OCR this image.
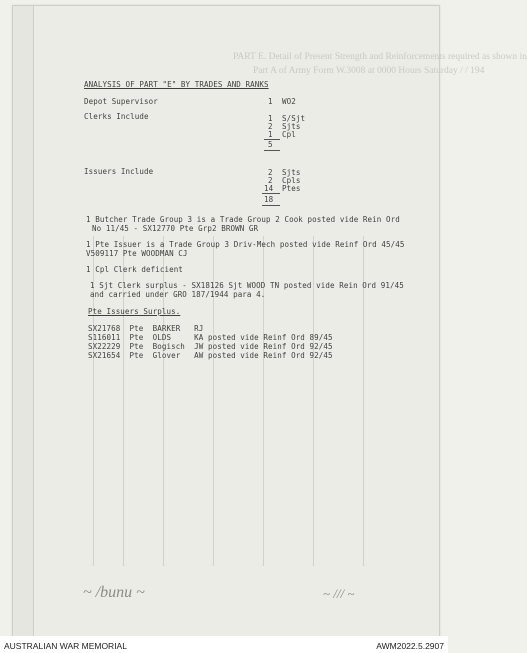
PART E. Detail of Present Strength and Reinforcements required as shown in
Part A of Army Form W.3008 at 0000 Hours Saturday / / 194
~ /bunu ~	~ /// ~
ANALYSIS OF PART "E" BY TRADES AND RANKS
Depot Supervisor	1 WO2
Clerks Include	1 S/Sjt
2 Sjts
1 Cpl
5
Issuers Include	2 Sjts
2 Cpls
14 Ptes
18
1 Butcher Trade Group 3 is a Trade Group 2 Cook posted vide Rein Ord
No 11/45 - SX12770 Pte Grp2 BROWN GR
1 Pte Issuer is a Trade Group 3 Driv-Mech posted vide Reinf Ord 45/45
V509117 Pte WOODMAN CJ
1 Cpl Clerk deficient
1 Sjt Clerk surplus - SX18126 Sjt WOOD TN posted vide Rein Ord 91/45
and carried under GRO 187/1944 para 4.
Pte Issuers Surplus.
SX21768  Pte  BARKER   RJ
S116011  Pte  OLDS     KA posted vide Reinf Ord 89/45
SX22229  Pte  Bogisch  JW posted vide Reinf Ord 92/45
SX21654  Pte  Glover   AW posted vide Reinf Ord 92/45
AUSTRALIAN WAR MEMORIAL	AWM2022.5.2907
